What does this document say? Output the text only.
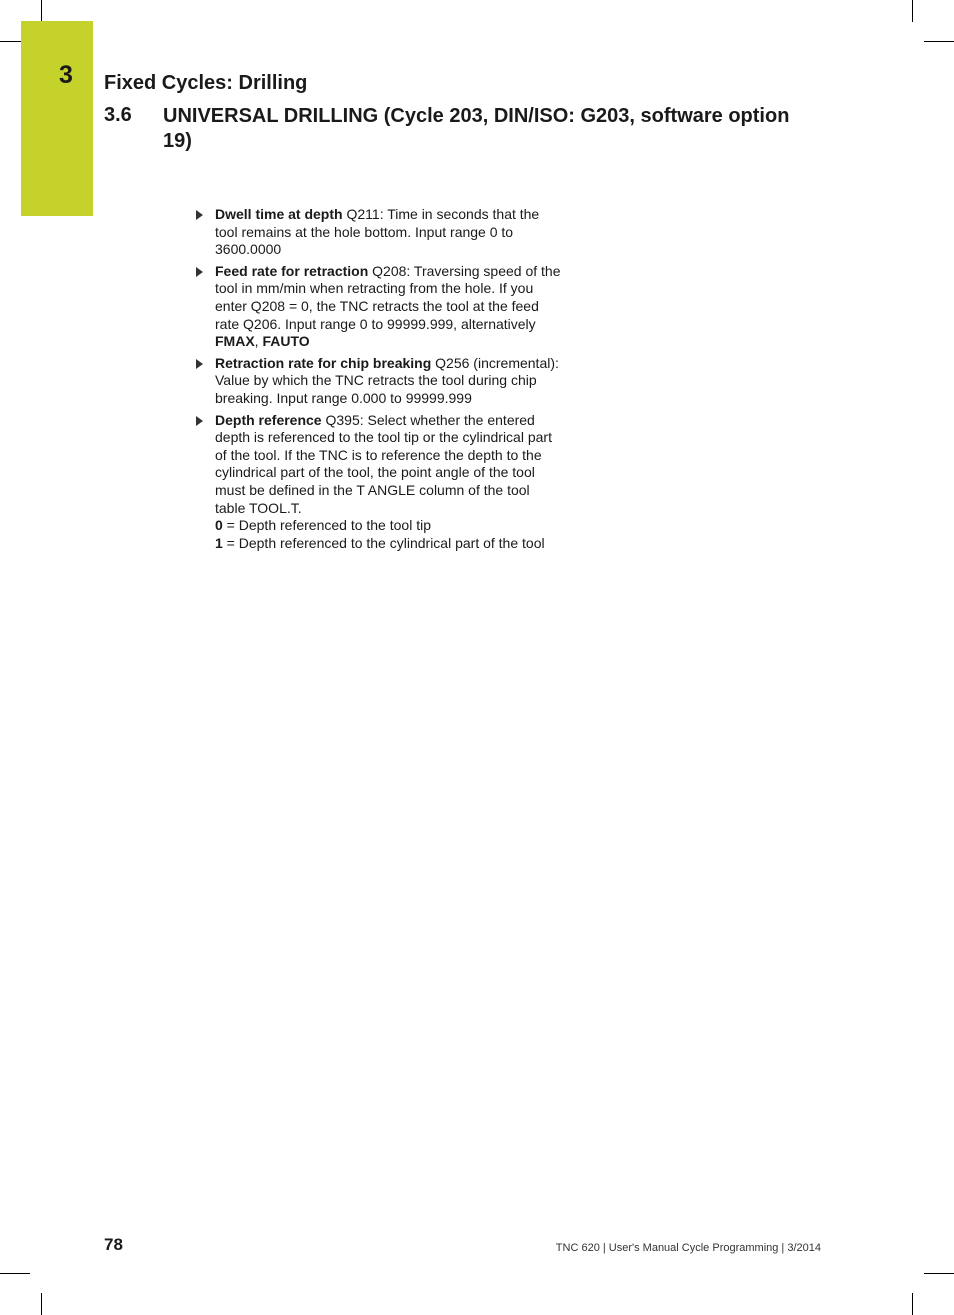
3	Fixed Cycles: Drilling
3.6 UNIVERSAL DRILLING (Cycle 203, DIN/ISO: G203, software option 19)
Dwell time at depth Q211: Time in seconds that the tool remains at the hole bottom. Input range 0 to 3600.0000
Feed rate for retraction Q208: Traversing speed of the tool in mm/min when retracting from the hole. If you enter Q208 = 0, the TNC retracts the tool at the feed rate Q206. Input range 0 to 99999.999, alternatively FMAX, FAUTO
Retraction rate for chip breaking Q256 (incremental): Value by which the TNC retracts the tool during chip breaking. Input range 0.000 to 99999.999
Depth reference Q395: Select whether the entered depth is referenced to the tool tip or the cylindrical part of the tool. If the TNC is to reference the depth to the cylindrical part of the tool, the point angle of the tool must be defined in the T ANGLE column of the tool table TOOL.T.
0 = Depth referenced to the tool tip
1 = Depth referenced to the cylindrical part of the tool
78	TNC 620 | User's Manual Cycle Programming | 3/2014
